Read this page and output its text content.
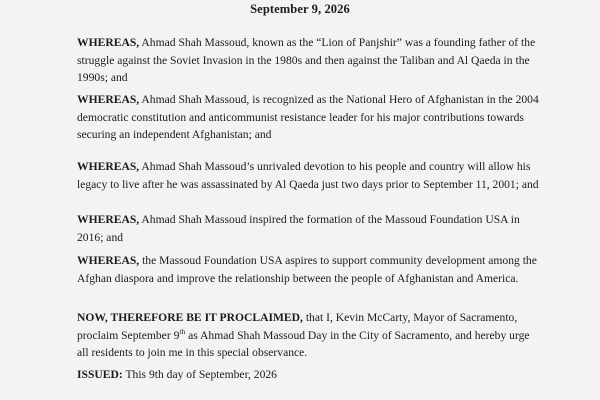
September 9, 2026

WHEREAS, Ahmad Shah Massoud, known as the “Lion of Panjshir” was a founding father of the struggle against the Soviet Invasion in the 1980s and then against the Taliban and Al Qaeda in the 1990s; and

WHEREAS, Ahmad Shah Massoud, is recognized as the National Hero of Afghanistan in the 2004 democratic constitution and anticommunist resistance leader for his major contributions towards securing an independent Afghanistan; and

WHEREAS, Ahmad Shah Massoud’s unrivaled devotion to his people and country will allow his legacy to live after he was assassinated by Al Qaeda just two days prior to September 11, 2001; and

WHEREAS, Ahmad Shah Massoud inspired the formation of the Massoud Foundation USA in 2016; and

WHEREAS, the Massoud Foundation USA aspires to support community development among the Afghan diaspora and improve the relationship between the people of Afghanistan and America.

NOW, THEREFORE BE IT PROCLAIMED, that I, Kevin McCarty, Mayor of Sacramento, proclaim September 9th as Ahmad Shah Massoud Day in the City of Sacramento, and hereby urge all residents to join me in this special observance.

ISSUED: This 9th day of September, 2026
